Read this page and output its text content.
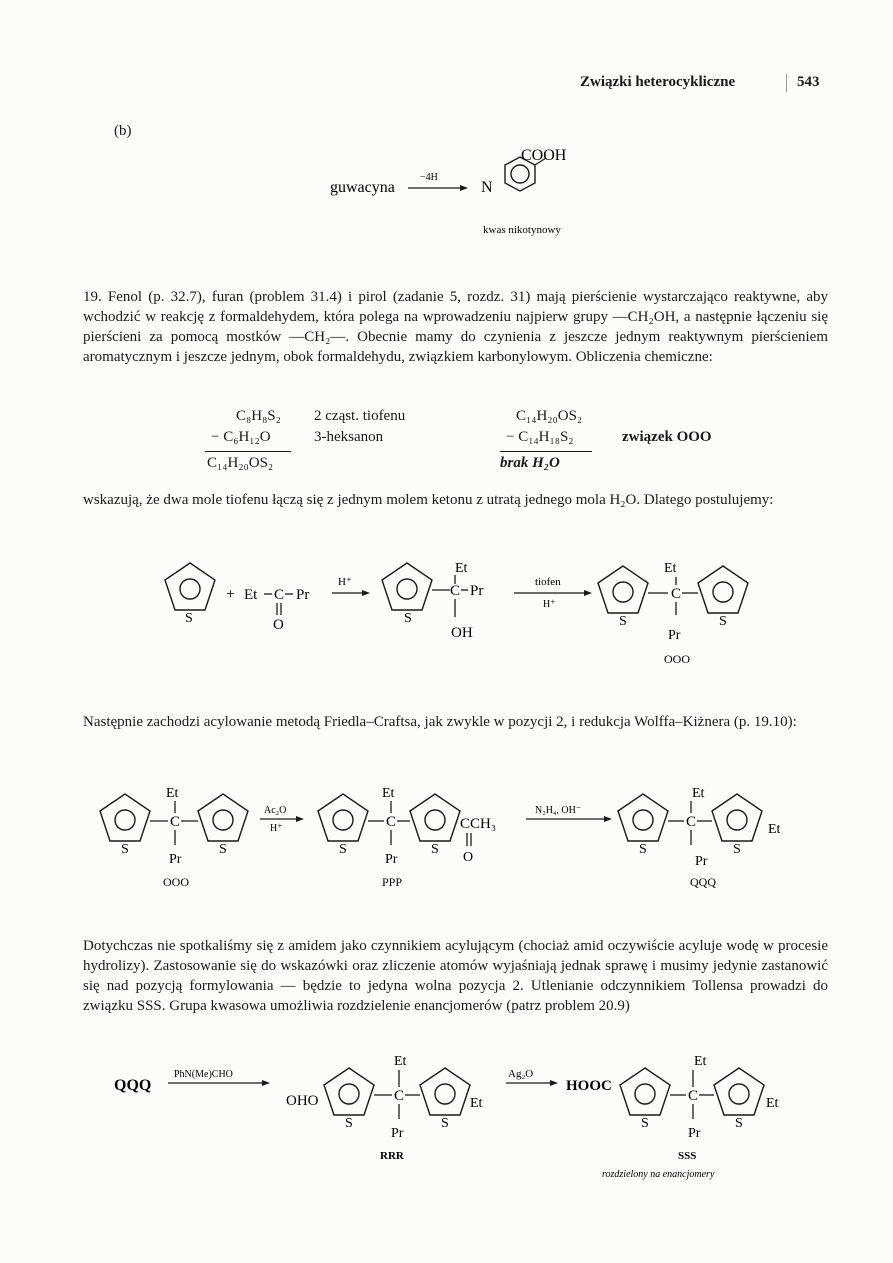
Związki heterocykliczne	543
(b)
guwacyna
−4H
COOH
N
kwas nikotynowy
19. Fenol (p. 32.7), furan (problem 31.4) i pirol (zadanie 5, rozdz. 31) mają pierścienie wystarczająco reaktywne, aby wchodzić w reakcję z formaldehydem, która polega na wprowadzeniu najpierw grupy —CH₂OH, a następnie łączeniu się pierścieni za pomocą mostków —CH₂—. Obecnie mamy do czynienia z jeszcze jednym reaktywnym pierścieniem aromatycznym i jeszcze jednym, obok formaldehydu, związkiem karbonylowym. Obliczenia chemiczne:
C₈H₈S₂ 2 cząst. tiofenu
− C₆H₁₂O	3-heksanon
C₁₄H₂₀OS₂
C₁₄H₂₀OS₂
− C₁₄H₁₈S₂	związek OOO
brak H₂O
wskazują, że dwa mole tiofenu łączą się z jednym molem ketonu z utratą jednego mola H₂O. Dlatego postulujemy:
S
+ Et C Pr
O
H⁺
S
C Pr
Et
OH
tiofen
H⁺
S
C
S
Et
Pr
OOO
Następnie zachodzi acylowanie metodą Friedla–Craftsa, jak zwykle w pozycji 2, i redukcja Wolffa–Kiżnera (p. 19.10):
S
C
S
Et
Pr
OOO
Ac₂O
H⁺
S
C
S
Et
Pr
CCH₃
O
PPP
N₂H₄, OH⁻
S
C
S
Et
Pr
Et
QQQ
Dotychczas nie spotkaliśmy się z amidem jako czynnikiem acylującym (chociaż amid oczywiście acyluje wodę w procesie hydrolizy). Zastosowanie się do wskazówki oraz zliczenie atomów wyjaśniają jednak sprawę i musimy jedynie zastanowić się nad pozycją formylowania — będzie to jedyna wolna pozycja 2. Utlenianie odczynnikiem Tollensa prowadzi do związku SSS. Grupa kwasowa umożliwia rozdzielenie enancjomerów (patrz problem 20.9)
QQQ
PhN(Me)CHO
OHO
S
C
S
Et
Pr
Et
RRR
Ag₂O
HOOC
S
C
S
Et
Pr
Et
SSS
rozdzielony na enancjomery
